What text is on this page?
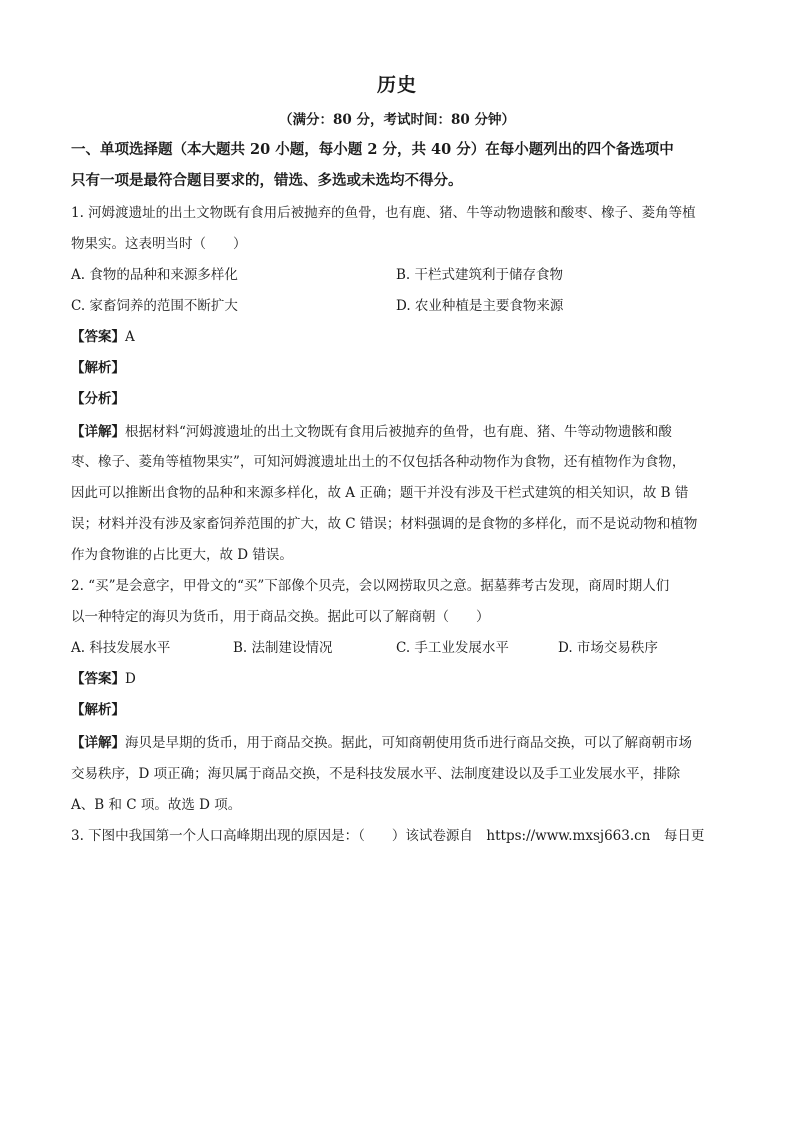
历史
（满分：80 分，考试时间：80 分钟）
一、单项选择题（本大题共 20 小题，每小题 2 分，共 40 分）在每小题列出的四个备选项中
只有一项是最符合题目要求的，错选、多选或未选均不得分。
1. 河姆渡遗址的出土文物既有食用后被抛弃的鱼骨，也有鹿、猪、牛等动物遗骸和酸枣、橡子、菱角等植
物果实。这表明当时（　　）
A. 食物的品种和来源多样化	B. 干栏式建筑利于储存食物
C. 家畜饲养的范围不断扩大	D. 农业种植是主要食物来源
【答案】A
【解析】
【分析】
【详解】根据材料“河姆渡遗址的出土文物既有食用后被抛弃的鱼骨，也有鹿、猪、牛等动物遗骸和酸
枣、橡子、菱角等植物果实”，可知河姆渡遗址出土的不仅包括各种动物作为食物，还有植物作为食物，
因此可以推断出食物的品种和来源多样化，故 A 正确；题干并没有涉及干栏式建筑的相关知识，故 B 错
误；材料并没有涉及家畜饲养范围的扩大，故 C 错误；材料强调的是食物的多样化，而不是说动物和植物
作为食物谁的占比更大，故 D 错误。
2. “买”是会意字，甲骨文的“买”下部像个贝壳，会以网捞取贝之意。据墓葬考古发现，商周时期人们
以一种特定的海贝为货币，用于商品交换。据此可以了解商朝（　　）
A. 科技发展水平	B. 法制建设情况	C. 手工业发展水平	D. 市场交易秩序
【答案】D
【解析】
【详解】海贝是早期的货币，用于商品交换。据此，可知商朝使用货币进行商品交换，可以了解商朝市场
交易秩序，D 项正确；海贝属于商品交换，不是科技发展水平、法制度建设以及手工业发展水平，排除
A、B 和 C 项。故选 D 项。
3. 下图中我国第一个人口高峰期出现的原因是：（　　）该试卷源自　https://www.mxsj663.cn　每日更
